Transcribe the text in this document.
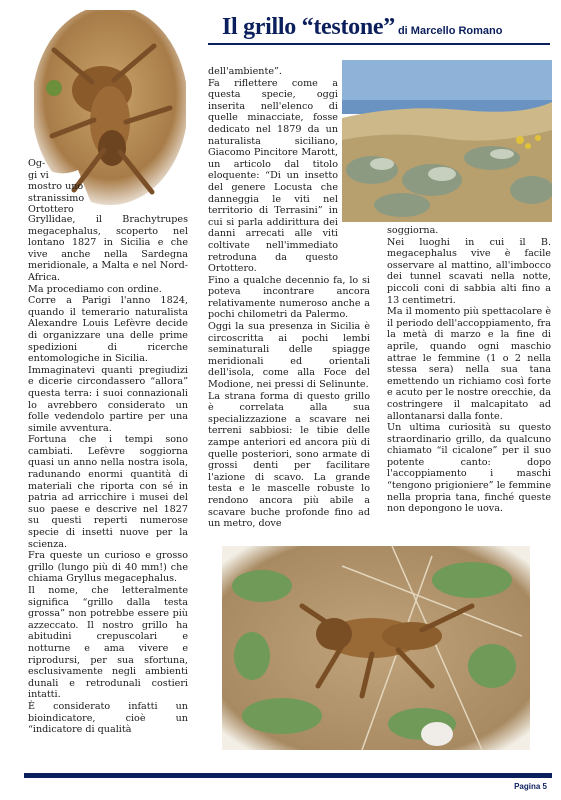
Il grillo “testone” di Marcello Romano
Og-
gi vi
mostro uno
stranissimo
Ortottero

Gryllidae, il Brachytrupes megacephalus, scoperto nel lontano 1827 in Sicilia e che vive anche nella Sardegna meridionale, a Malta e nel Nord-Africa.

Ma procediamo con ordine.

Corre a Parigi l'anno 1824, quando il temerario naturalista Alexandre Louis Lefèvre decide di organizzare una delle prime spedizioni di ricerche entomologiche in Sicilia.

Immaginatevi quanti pregiudizi e dicerie circondassero “allora” questa terra: i suoi connazionali lo avrebbero considerato un folle vedendolo partire per una simile avventura.

Fortuna che i tempi sono cambiati. Lefèvre soggiorna quasi un anno nella nostra isola, radunando enormi quantità di materiali che riporta con sé in patria ad arricchire i musei del suo paese e descrive nel 1827 su questi reperti numerose specie di insetti nuove per la scienza.

Fra queste un curioso e grosso grillo (lungo più di 40 mm!) che chiama Gryllus megacephalus.

Il nome, che letteralmente significa “grillo dalla testa grossa” non potrebbe essere più azzeccato. Il nostro grillo ha abitudini crepuscolari e notturne e ama vivere e riprodursi, per sua sfortuna, esclusivamente negli ambienti dunali e retrodunali costieri intatti.

È considerato infatti un bioindicatore, cioè un “indicatore di qualità

dell'ambiente”.

Fa riflettere come a questa specie, oggi inserita nell'elenco di quelle minacciate, fosse dedicato nel 1879 da un naturalista siciliano, Giacomo Pincitore Marott, un articolo dal titolo eloquente: “Di un insetto del genere Locusta che danneggia le viti nel territorio di Terrasini” in cui si parla addirittura dei danni arrecati alle viti coltivate nell'immediato retroduna da questo Ortottero.

Fino a qualche decennio fa, lo si poteva incontrare ancora relativamente numeroso anche a pochi chilometri da Palermo.

Oggi la sua presenza in Sicilia è circoscritta ai pochi lembi seminaturali delle spiagge meridionali ed orientali dell'isola, come alla Foce del Modione, nei pressi di Selinunte.

La strana forma di questo grillo è correlata alla sua specializzazione a scavare nei terreni sabbiosi: le tibie delle zampe anteriori ed ancora più di quelle posteriori, sono armate di grossi denti per facilitare l'azione di scavo. La grande testa e le mascelle robuste lo rendono ancora più abile a scavare buche profonde fino ad un metro, dove

soggiorna.

Nei luoghi in cui il B. megacephalus vive è facile osservare al mattino, all'imbocco dei tunnel scavati nella notte, piccoli coni di sabbia alti fino a 13 centimetri.

Ma il momento più spettacolare è il periodo dell'accoppiamento, fra la metà di marzo e la fine di aprile, quando ogni maschio attrae le femmine (1 o 2 nella stessa sera) nella sua tana emettendo un richiamo così forte e acuto per le nostre orecchie, da costringere il malcapitato ad allontanarsi dalla fonte.

Un ultima curiosità su questo straordinario grillo, da qualcuno chiamato “il cicalone” per il suo potente canto: dopo l'accoppiamento i maschi “tengono prigioniere” le femmine nella propria tana, finché queste non depongono le uova.

Pagina 5
